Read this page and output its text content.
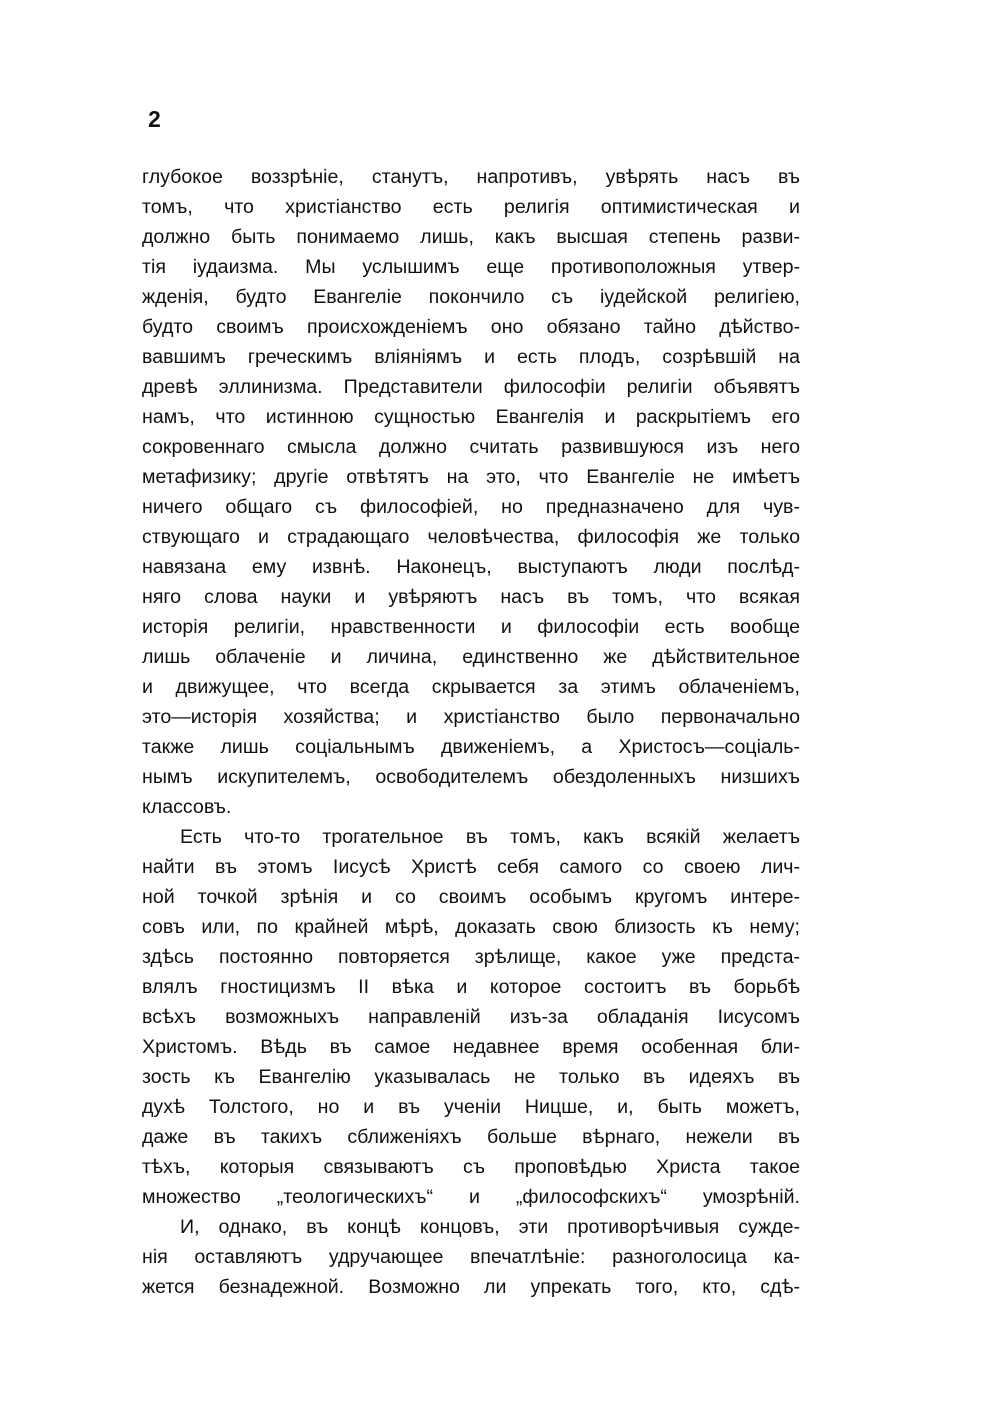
2
глубокое воззрѣніе, станутъ, напротивъ, увѣрять насъ въ
томъ, что христіанство есть религія оптимистическая и
должно быть понимаемо лишь, какъ высшая степень разви-
тія іудаизма. Мы услышимъ еще противоположныя утвер-
жденія, будто Евангеліе покончило съ іудейской религіею,
будто своимъ происхожденіемъ оно обязано тайно дѣйство-
вавшимъ греческимъ вліяніямъ и есть плодъ, созрѣвшій на
древѣ эллинизма. Представители философіи религіи объявятъ
намъ, что истинною сущностью Евангелія и раскрытіемъ его
сокровеннаго смысла должно считать развившуюся изъ него
метафизику; другіе отвѣтятъ на это, что Евангеліе не имѣетъ
ничего общаго съ философіей, но предназначено для чув-
ствующаго и страдающаго человѣчества, философія же только
навязана ему извнѣ. Наконецъ, выступаютъ люди послѣд-
няго слова науки и увѣряютъ насъ въ томъ, что всякая
исторія религіи, нравственности и философіи есть вообще
лишь облаченіе и личина, единственно же дѣйствительное
и движущее, что всегда скрывается за этимъ облаченіемъ,
это—исторія хозяйства; и христіанство было первоначально
также лишь соціальнымъ движеніемъ, а Христосъ—соціаль-
нымъ искупителемъ, освободителемъ обездоленныхъ низшихъ
классовъ.
Есть что-то трогательное въ томъ, какъ всякій желаетъ
найти въ этомъ Іисусѣ Христѣ себя самого со своею лич-
ной точкой зрѣнія и со своимъ особымъ кругомъ интере-
совъ или, по крайней мѣрѣ, доказать свою близость къ нему;
здѣсь постоянно повторяется зрѣлище, какое уже предста-
влялъ гностицизмъ II вѣка и которое состоитъ въ борьбѣ
всѣхъ возможныхъ направленій изъ-за обладанія Іисусомъ
Христомъ. Вѣдь въ самое недавнее время особенная бли-
зость къ Евангелію указывалась не только въ идеяхъ въ
духѣ Толстого, но и въ ученіи Ницше, и, быть можетъ,
даже въ такихъ сближеніяхъ больше вѣрнаго, нежели въ
тѣхъ, которыя связываютъ съ проповѣдью Христа такое
множество „теологическихъ“ и „философскихъ“ умозрѣній.
И, однако, въ концѣ концовъ, эти противорѣчивыя сужде-
нія оставляютъ удручающее впечатлѣніе: разноголосица ка-
жется безнадежной. Возможно ли упрекать того, кто, сдѣ-
